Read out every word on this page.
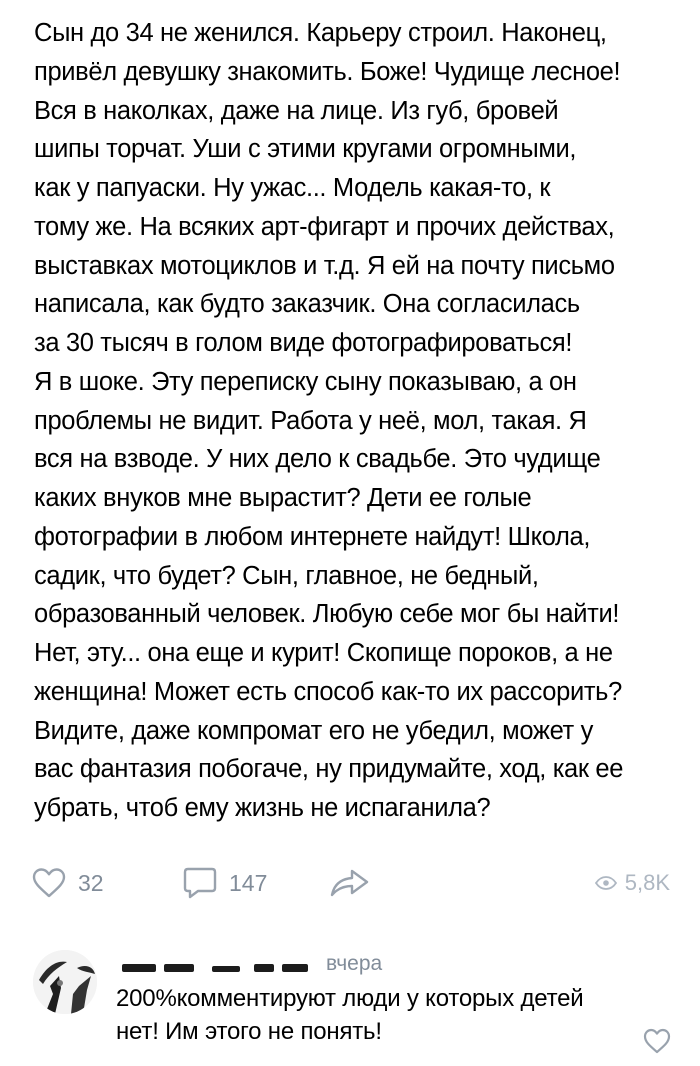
Сын до 34 не женился. Карьеру строил. Наконец,
привёл девушку знакомить. Боже! Чудище лесное!
Вся в наколках, даже на лице. Из губ, бровей
шипы торчат. Уши с этими кругами огромными,
как у папуаски. Ну ужас... Модель какая-то, к
тому же. На всяких арт-фигарт и прочих действах,
выставках мотоциклов и т.д. Я ей на почту письмо
написала, как будто заказчик. Она согласилась
за 30 тысяч в голом виде фотографироваться!
Я в шоке. Эту переписку сыну показываю, а он
проблемы не видит. Работа у неё, мол, такая. Я
вся на взводе. У них дело к свадьбе. Это чудище
каких внуков мне вырастит? Дети ее голые
фотографии в любом интернете найдут! Школа,
садик, что будет? Сын, главное, не бедный,
образованный человек. Любую себе мог бы найти!
Нет, эту... она еще и курит! Скопище пороков, а не
женщина! Может есть способ как-то их рассорить?
Видите, даже компромат его не убедил, может у
вас фантазия побогаче, ну придумайте, ход, как ее
убрать, чтоб ему жизнь не испаганила?
32	147	5,8K
вчера
200%комментируют люди у которых детей
нет! Им этого не понять!
